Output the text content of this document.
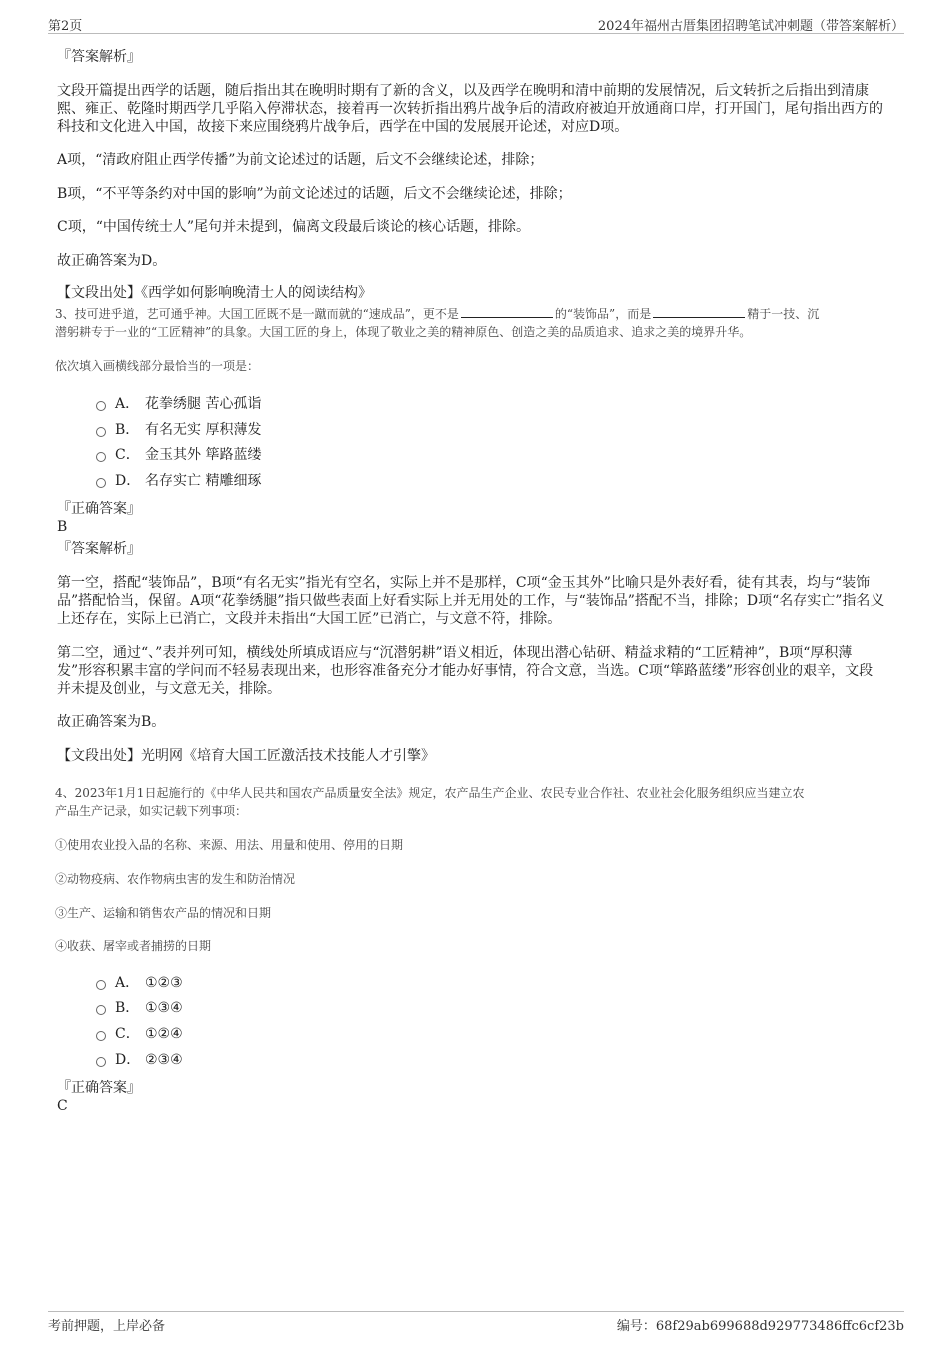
第2页	2024年福州古厝集团招聘笔试冲刺题（带答案解析）
『答案解析』
文段开篇提出西学的话题，随后指出其在晚明时期有了新的含义，以及西学在晚明和清中前期的发展情况，后文转折之后指出到清康熙、雍正、乾隆时期西学几乎陷入停滞状态，接着再一次转折指出鸦片战争后的清政府被迫开放通商口岸，打开国门，尾句指出西方的科技和文化进入中国，故接下来应围绕鸦片战争后，西学在中国的发展展开论述，对应D项。
A项，“清政府阻止西学传播”为前文论述过的话题，后文不会继续论述，排除；
B项，“不平等条约对中国的影响”为前文论述过的话题，后文不会继续论述，排除；
C项，“中国传统士人”尾句并未提到，偏离文段最后谈论的核心话题，排除。
故正确答案为D。
【文段出处】《西学如何影响晚清士人的阅读结构》
3、技可进乎道，艺可通乎神。大国工匠既不是一蹴而就的“速成品”，更不是	的“装饰品”，而是	精于一技、沉
潜躬耕专于一业的“工匠精神”的具象。大国工匠的身上，体现了敬业之美的精神原色、创造之美的品质追求、追求之美的境界升华。
依次填入画横线部分最恰当的一项是：
A． 花拳绣腿 苦心孤诣
B． 有名无实 厚积薄发
C． 金玉其外 筚路蓝缕
D． 名存实亡 精雕细琢
『正确答案』
B
『答案解析』
第一空，搭配“装饰品”，B项“有名无实”指光有空名，实际上并不是那样，C项“金玉其外”比喻只是外表好看，徒有其表，均与“装饰品”搭配恰当，保留。A项“花拳绣腿”指只做些表面上好看实际上并无用处的工作，与“装饰品”搭配不当，排除；D项“名存实亡”指名义上还存在，实际上已消亡，文段并未指出“大国工匠”已消亡，与文意不符，排除。
第二空，通过“、”表并列可知，横线处所填成语应与“沉潜躬耕”语义相近，体现出潜心钻研、精益求精的“工匠精神”，B项“厚积薄发”形容积累丰富的学问而不轻易表现出来，也形容准备充分才能办好事情，符合文意，当选。C项“筚路蓝缕”形容创业的艰辛，文段并未提及创业，与文意无关，排除。
故正确答案为B。
【文段出处】光明网《培育大国工匠激活技术技能人才引擎》
4、2023年1月1日起施行的《中华人民共和国农产品质量安全法》规定，农产品生产企业、农民专业合作社、农业社会化服务组织应当建立农
产品生产记录，如实记载下列事项：
①使用农业投入品的名称、来源、用法、用量和使用、停用的日期
②动物疫病、农作物病虫害的发生和防治情况
③生产、运输和销售农产品的情况和日期
④收获、屠宰或者捕捞的日期
A． ①②③
B． ①③④
C． ①②④
D． ②③④
『正确答案』
C
考前押题，上岸必备	编号：68f29ab699688d929773486ffc6cf23b
